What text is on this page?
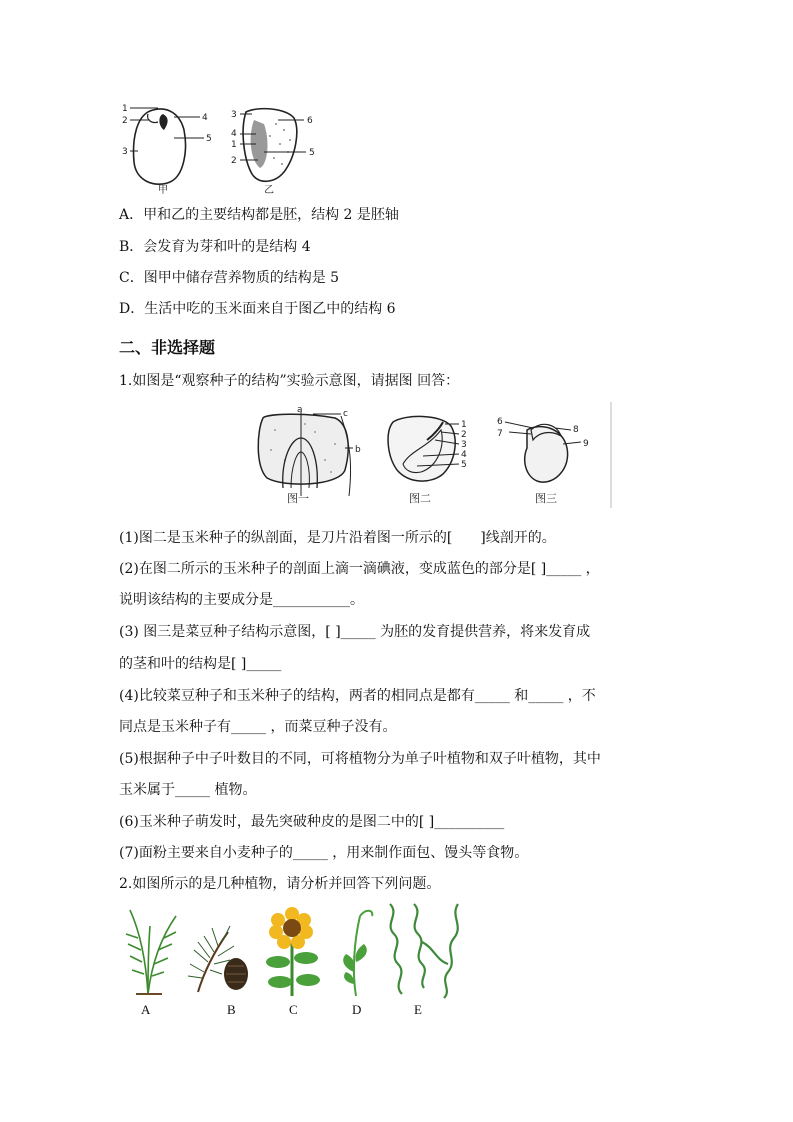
1
2
3
4
5
甲
3
4
1
2
6
5
乙
A．甲和乙的主要结构都是胚，结构 2 是胚轴
B．会发育为芽和叶的是结构 4
C．图甲中储存营养物质的结构是 5
D．生活中吃的玉米面来自于图乙中的结构 6
二、非选择题
1.如图是“观察种子的结构”实验示意图，请据图 回答：
a	c
b
图一
1
2
3
4
5
图二
6
7	8
9
图三
(1)图二是玉米种子的纵剖面，是刀片沿着图一所示的[　　]线剖开的。
(2)在图二所示的玉米种子的剖面上滴一滴碘液，变成蓝色的部分是[ ]_____ ，
说明该结构的主要成分是___________。
(3) 图三是菜豆种子结构示意图，[ ]_____ 为胚的发育提供营养，将来发育成
的茎和叶的结构是[ ]_____
(4)比较菜豆种子和玉米种子的结构，两者的相同点是都有_____ 和_____ ，不
同点是玉米种子有_____ ，而菜豆种子没有。
(5)根据种子中子叶数目的不同，可将植物分为单子叶植物和双子叶植物，其中
玉米属于_____ 植物。
(6)玉米种子萌发时，最先突破种皮的是图二中的[ ]__________
(7)面粉主要来自小麦种子的_____ ，用来制作面包、馒头等食物。
2.如图所示的是几种植物，请分析并回答下列问题。
A	B	C	D	E
